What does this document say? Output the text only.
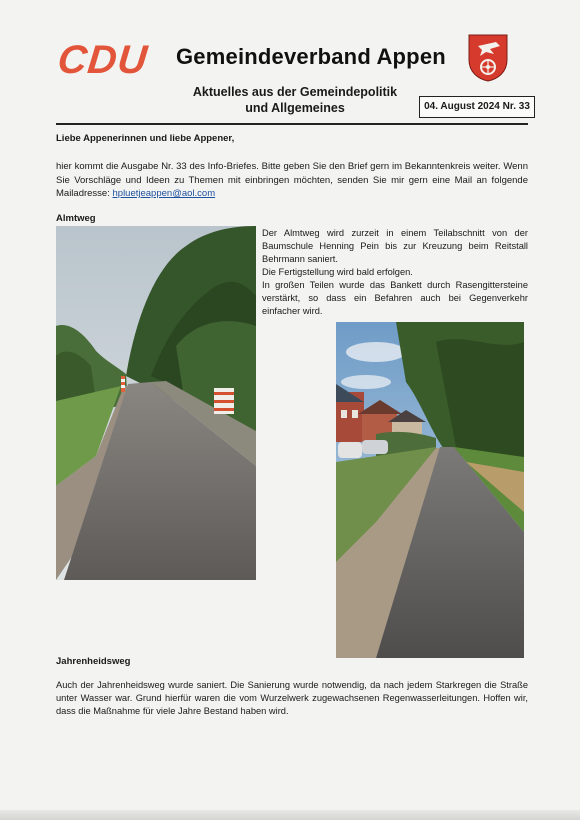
CDU Gemeindeverband Appen
Aktuelles aus der Gemeindepolitik
und Allgemeines	04. August 2024 Nr. 33
Liebe Appenerinnen und liebe Appener,
hier kommt die Ausgabe Nr. 33 des Info-Briefes. Bitte geben Sie den Brief gern im Bekanntenkreis weiter. Wenn Sie Vorschläge und Ideen zu Themen mit einbringen möchten, senden Sie mir gern eine Mail an folgende Mailadresse: hpluetjeappen@aol.com
Almtweg

Der Almtweg wird zurzeit in einem Teilabschnitt von der Baumschule Henning Pein bis zur Kreuzung beim Reitstall Behrmann saniert.

Die Fertigstellung wird bald erfolgen.

In großen Teilen wurde das Bankett durch Rasengittersteine verstärkt, so dass ein Befahren auch bei Gegenverkehr einfacher wird.

Jahrenheidsweg
Auch der Jahrenheidsweg wurde saniert. Die Sanierung wurde notwendig, da nach jedem Starkregen die Straße unter Wasser war. Grund hierfür waren die vom Wurzelwerk zugewachsenen Regenwasserleitungen. Hoffen wir, dass die Maßnahme für viele Jahre Bestand haben wird.
